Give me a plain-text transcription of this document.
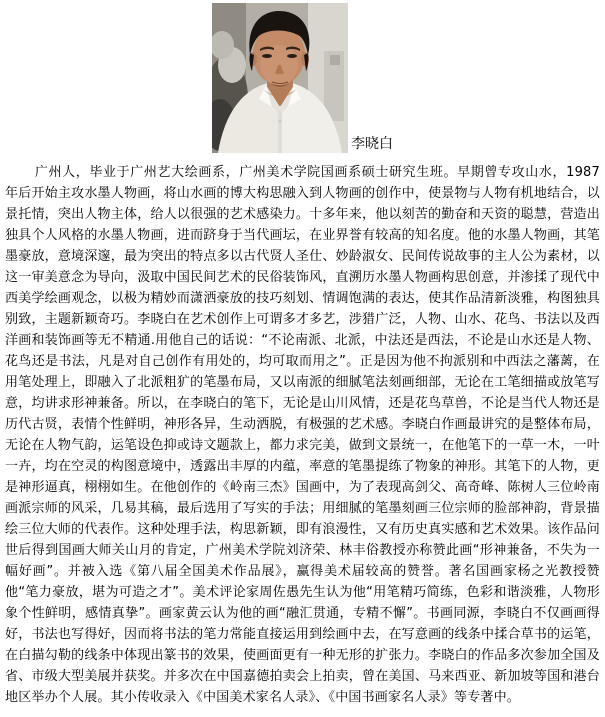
李晓白

广州人，毕业于广州艺大绘画系，广州美术学院国画系硕士研究生班。早期曾专攻山水，1987 年后开始主攻水墨人物画，将山水画的博大构思融入到人物画的创作中，使景物与人物有机地结合，以景托情，突出人物主体，给人以很强的艺术感染力。十多年来，他以刻苦的勤奋和天资的聪慧，营造出独具个人风格的水墨人物画，进而跻身于当代画坛，在业界誉有较高的知名度。他的水墨人物画，其笔墨豪放，意境深邃，最为突出的特点多以古代贤人圣仕、妙龄淑女、民间传说故事的主人公为素材，以这一审美意念为导向，汲取中国民间艺术的民俗装饰风，直溯历水墨人物画构思创意，并渗揉了现代中西美学绘画观念，以极为精妙而潇洒豪放的技巧刻划、情调饱满的表达，使其作品清新淡雅，构图独具别致，主题新颖奇巧。李晓白在艺术创作上可谓多才多艺，涉猎广泛，人物、山水、花鸟、书法以及西洋画和装饰画等无不精通.用他自己的话说：“不论南派、北派，中法还是西法，不论是山水还是人物、花鸟还是书法，凡是对自己创作有用处的，均可取而用之”。正是因为他不拘派别和中西法之藩蓠，在用笔处理上，即融入了北派粗犷的笔墨布局，又以南派的细腻笔法刻画细部，无论在工笔细描或放笔写意，均讲求形神兼备。所以，在李晓白的笔下，无论是山川风情，还是花鸟草兽，不论是当代人物还是历代古贤，表情个性鲜明，神形各异，生动洒脱，有极强的艺术感。李晓白作画最讲究的是整体布局，无论在人物气韵，运笔设色抑或诗文题款上，都力求完美，做到文景统一，在他笔下的一草一木，一叶一卉，均在空灵的构图意境中，透露出丰厚的内蕴，率意的笔墨提练了物象的神形。其笔下的人物，更是神形逼真，栩栩如生。在他创作的《岭南三杰》国画中，为了表现高剑父、高奇峰、陈树人三位岭南画派宗师的风采，几易其稿，最后选用了写实的手法；用细腻的笔墨刻画三位宗师的脸部神韵，背景描绘三位大师的代表作。这种处理手法，构思新颖，即有浪漫性，又有历史真实感和艺术效果。该作品问世后得到国画大师关山月的肯定，广州美术学院刘济荣、林丰俗教授亦称赞此画“形神兼备，不失为一幅好画”。并被入选《第八届全国美术作品展》，赢得美术届较高的赞誉。著名国画家杨之光教授赞他“笔力豪放，堪为可造之才”。美术评论家周佐愚先生认为他“用笔精巧简练，色彩和谐淡雅，人物形象个性鲜明，感情真挚”。画家黄云认为他的画“融汇贯通，专精不懈”。书画同源，李晓白不仅画画得好，书法也写得好，因而将书法的笔力常能直接运用到绘画中去，在写意画的线条中揉合草书的运笔，在白描勾勒的线条中体现出篆书的效果，使画面更有一种无形的扩张力。李晓白的作品多次参加全国及省、市级大型美展并获奖。并多次在中国嘉德拍卖会上拍卖，曾在美国、马来西亚、新加坡等国和港台地区举办个人展。其小传收录入《中国美术家名人录》、《中国书画家名人录》等专著中。
